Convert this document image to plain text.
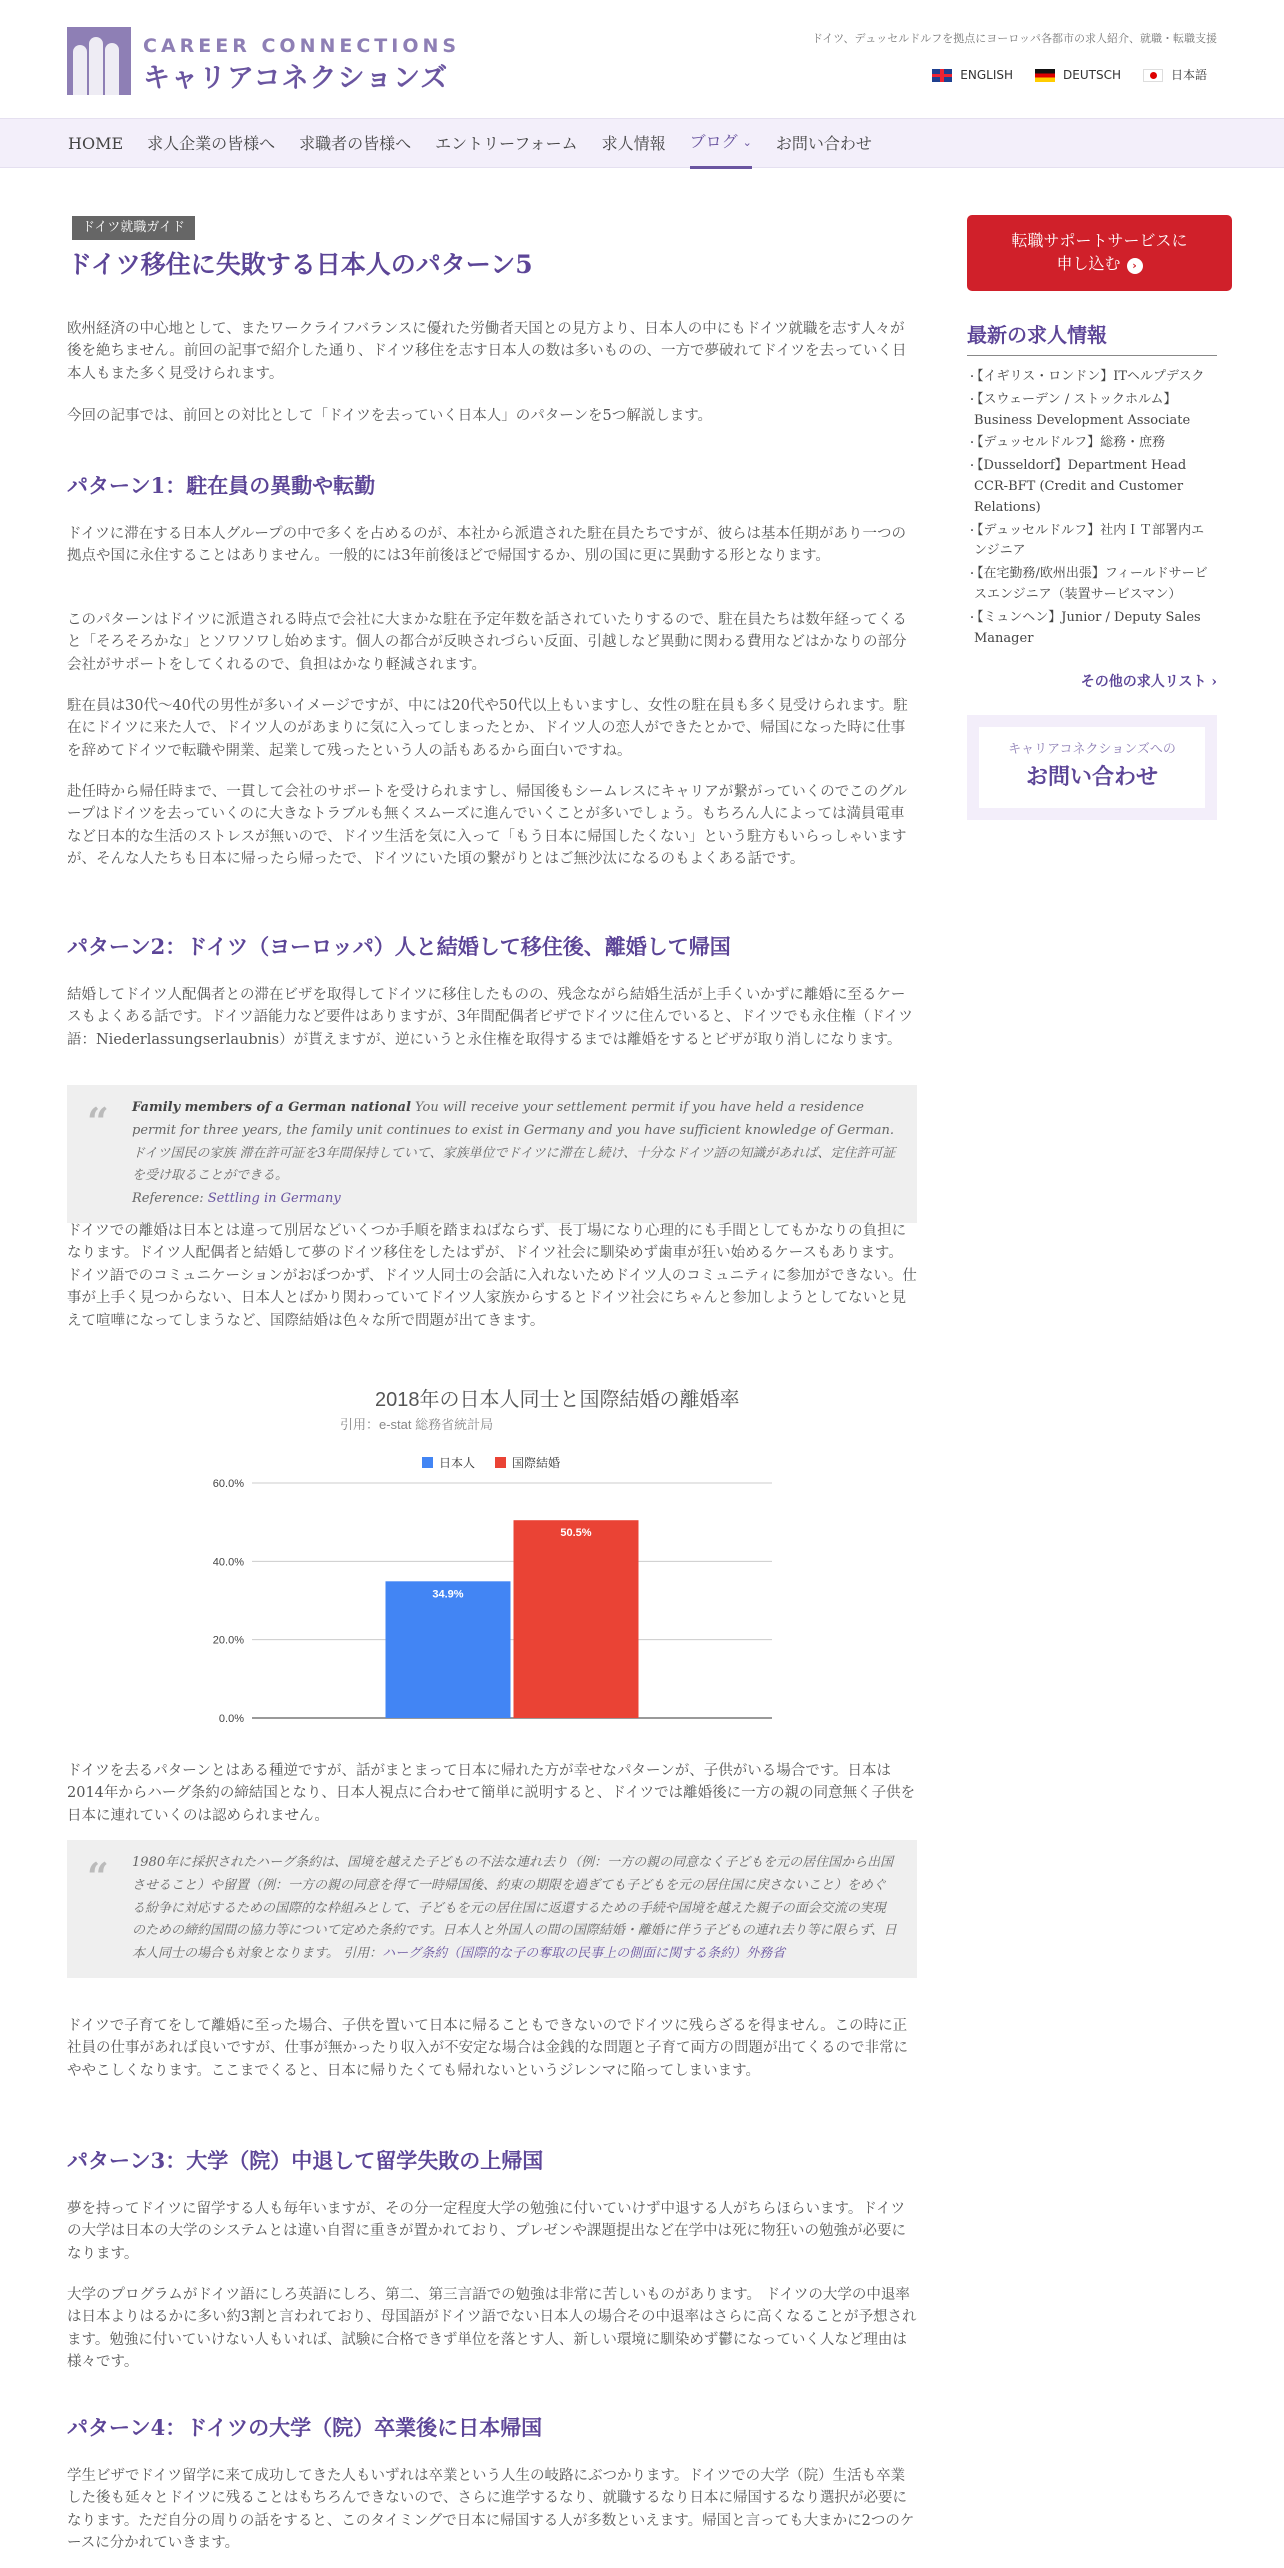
CAREER CONNECTIONS
キャリアコネクションズ
ドイツ、デュッセルドルフを拠点にヨーロッパ各都市の求人紹介、就職・転職支援
ENGLISH	DEUTSCH	日本語
HOME 求人企業の皆様へ 求職者の皆様へ エントリーフォーム 求人情報 ブログ ⌄ お問い合わせ
ドイツ就職ガイド
ドイツ移住に失敗する日本人のパターン5

欧州経済の中心地として、またワークライフバランスに優れた労働者天国との見方より、日本人の中にもドイツ就職を志す人々が後を絶ちません。前回の記事で紹介した通り、ドイツ移住を志す日本人の数は多いものの、一方で夢破れてドイツを去っていく日本人もまた多く見受けられます。

今回の記事では、前回との対比として「ドイツを去っていく日本人」のパターンを5つ解説します。

パターン1：駐在員の異動や転勤

ドイツに滞在する日本人グループの中で多くを占めるのが、本社から派遣された駐在員たちですが、彼らは基本任期があり一つの拠点や国に永住することはありません。一般的には3年前後ほどで帰国するか、別の国に更に異動する形となります。

このパターンはドイツに派遣される時点で会社に大まかな駐在予定年数を話されていたりするので、駐在員たちは数年経ってくると「そろそろかな」とソワソワし始めます。個人の都合が反映されづらい反面、引越しなど異動に関わる費用などはかなりの部分会社がサポートをしてくれるので、負担はかなり軽減されます。

駐在員は30代〜40代の男性が多いイメージですが、中には20代や50代以上もいますし、女性の駐在員も多く見受けられます。駐在にドイツに来た人で、ドイツ人のがあまりに気に入ってしまったとか、ドイツ人の恋人ができたとかで、帰国になった時に仕事を辞めてドイツで転職や開業、起業して残ったという人の話もあるから面白いですね。

赴任時から帰任時まで、一貫して会社のサポートを受けられますし、帰国後もシームレスにキャリアが繋がっていくのでこのグループはドイツを去っていくのに大きなトラブルも無くスムーズに進んでいくことが多いでしょう。もちろん人によっては満員電車など日本的な生活のストレスが無いので、ドイツ生活を気に入って「もう日本に帰国したくない」という駐方もいらっしゃいますが、そんな人たちも日本に帰ったら帰ったで、ドイツにいた頃の繋がりとはご無沙汰になるのもよくある話です。

パターン2：ドイツ（ヨーロッパ）人と結婚して移住後、離婚して帰国

結婚してドイツ人配偶者との滞在ビザを取得してドイツに移住したものの、残念ながら結婚生活が上手くいかずに離婚に至るケースもよくある話です。ドイツ語能力など要件はありますが、3年間配偶者ビザでドイツに住んでいると、ドイツでも永住権（ドイツ語：Niederlassungserlaubnis）が貰えますが、逆にいうと永住権を取得するまでは離婚をするとビザが取り消しになります。

“ Family members of a German national You will receive your settlement permit if you have held a residence permit for three years, the family unit continues to exist in Germany and you have sufficient knowledge of German. ドイツ国民の家族 滞在許可証を3年間保持していて、家族単位でドイツに滞在し続け、十分なドイツ語の知識があれば、定住許可証を受け取ることができる。
Reference: Settling in Germany

ドイツでの離婚は日本とは違って別居などいくつか手順を踏まねばならず、長丁場になり心理的にも手間としてもかなりの負担になります。ドイツ人配偶者と結婚して夢のドイツ移住をしたはずが、ドイツ社会に馴染めず歯車が狂い始めるケースもあります。ドイツ語でのコミュニケーションがおぼつかず、ドイツ人同士の会話に入れないためドイツ人のコミュニティに参加ができない。仕事が上手く見つからない、日本人とばかり関わっていてドイツ人家族からするとドイツ社会にちゃんと参加しようとしてないと見えて喧嘩になってしまうなど、国際結婚は色々な所で問題が出てきます。

ドイツを去るパターンとはある種逆ですが、話がまとまって日本に帰れた方が幸せなパターンが、子供がいる場合です。日本は2014年からハーグ条約の締結国となり、日本人視点に合わせて簡単に説明すると、ドイツでは離婚後に一方の親の同意無く子供を日本に連れていくのは認められません。

“ 1980年に採択されたハーグ条約は、国境を越えた子どもの不法な連れ去り（例：一方の親の同意なく子どもを元の居住国から出国させること）や留置（例：一方の親の同意を得て一時帰国後、約束の期限を過ぎても子どもを元の居住国に戻さないこと）をめぐる紛争に対応するための国際的な枠組みとして、子どもを元の居住国に返還するための手続や国境を越えた親子の面会交流の実現のための締約国間の協力等について定めた条約です。日本人と外国人の間の国際結婚・離婚に伴う子どもの連れ去り等に限らず、日本人同士の場合も対象となります。 引用：ハーグ条約（国際的な子の奪取の民事上の側面に関する条約）外務省

ドイツで子育てをして離婚に至った場合、子供を置いて日本に帰ることもできないのでドイツに残らざるを得ません。この時に正社員の仕事があれば良いですが、仕事が無かったり収入が不安定な場合は金銭的な問題と子育て両方の問題が出てくるので非常にややこしくなります。ここまでくると、日本に帰りたくても帰れないというジレンマに陥ってしまいます。

パターン3：大学（院）中退して留学失敗の上帰国

夢を持ってドイツに留学する人も毎年いますが、その分一定程度大学の勉強に付いていけず中退する人がちらほらいます。ドイツの大学は日本の大学のシステムとは違い自習に重きが置かれており、プレゼンや課題提出など在学中は死に物狂いの勉強が必要になります。

大学のプログラムがドイツ語にしろ英語にしろ、第二、第三言語での勉強は非常に苦しいものがあります。 ドイツの大学の中退率は日本よりはるかに多い約3割と言われており、母国語がドイツ語でない日本人の場合その中退率はさらに高くなることが予想されます。勉強に付いていけない人もいれば、試験に合格できず単位を落とす人、新しい環境に馴染めず鬱になっていく人など理由は様々です。

パターン4：ドイツの大学（院）卒業後に日本帰国

学生ビザでドイツ留学に来て成功してきた人もいずれは卒業という人生の岐路にぶつかります。ドイツでの大学（院）生活も卒業した後も延々とドイツに残ることはもちろんできないので、さらに進学するなり、就職するなり日本に帰国するなり選択が必要になります。ただ自分の周りの話をすると、このタイミングで日本に帰国する人が多数といえます。帰国と言っても大まかに2つのケースに分かれていきます。

2018年の日本人同士と国際結婚の離婚率
引用：e-stat 総務省統計局
日本人	国際結婚
0.0%
20.0%
40.0%
60.0%
34.9%
50.5%
転職サポートサービスに
申し込む ›
最新の求人情報
・ 【イギリス・ロンドン】ITヘルプデスク
・ 【スウェーデン / ストックホルム】Business Development Associate
・ 【デュッセルドルフ】総務・庶務
・ 【Dusseldorf】Department Head CCR-BFT (Credit and Customer Relations)
・ 【デュッセルドルフ】社内ＩＴ部署内エンジニア
・ 【在宅勤務/欧州出張】フィールドサービスエンジニア（装置サービスマン）
・ 【ミュンヘン】Junior / Deputy Sales Manager
その他の求人リスト ›
キャリアコネクションズへの
お問い合わせ
